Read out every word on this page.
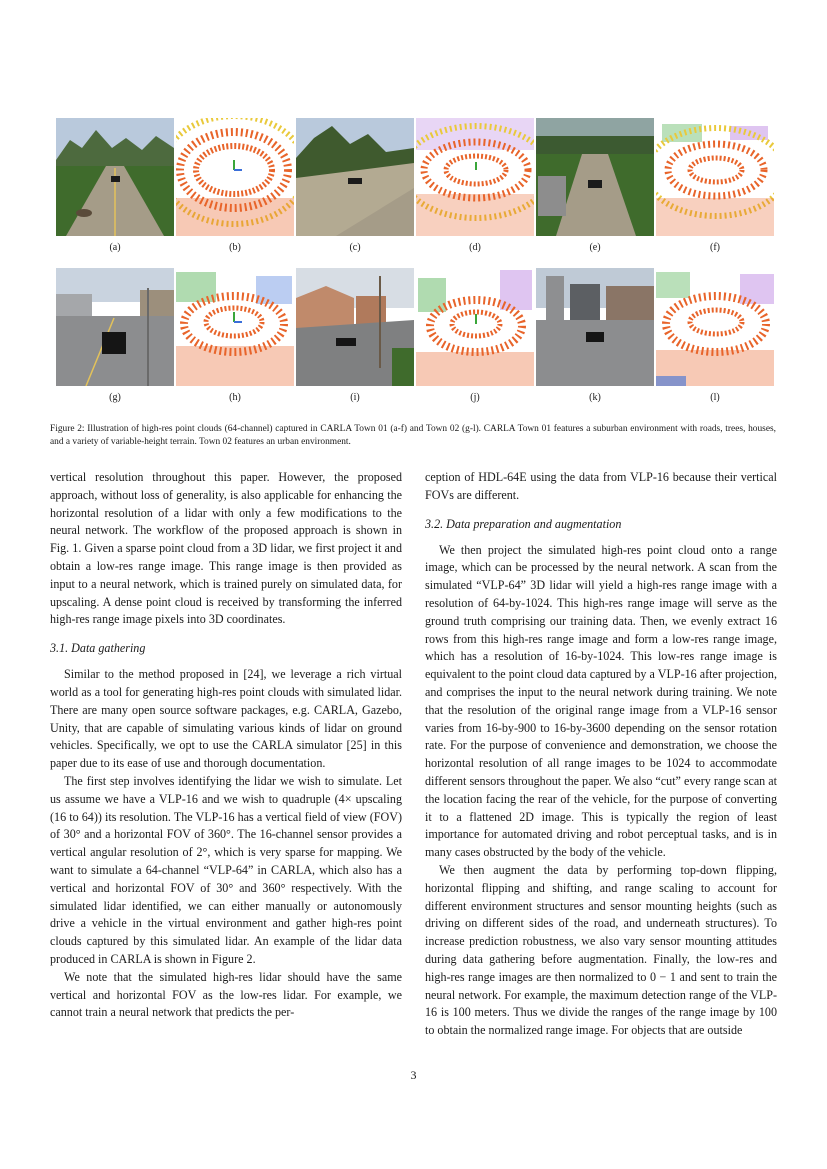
(a)	(b)	(c)	(d)	(e)	(f)
(g)	(h)	(i)	(j)	(k)	(l)
Figure 2: Illustration of high-res point clouds (64-channel) captured in CARLA Town 01 (a-f) and Town 02 (g-l). CARLA Town 01 features a suburban environment with roads, trees, houses, and a variety of variable-height terrain. Town 02 features an urban environment.

vertical resolution throughout this paper. However, the proposed approach, without loss of generality, is also applicable for enhancing the horizontal resolution of a lidar with only a few modifications to the neural network. The workflow of the proposed approach is shown in Fig. 1. Given a sparse point cloud from a 3D lidar, we first project it and obtain a low-res range image. This range image is then provided as input to a neural network, which is trained purely on simulated data, for upscaling. A dense point cloud is received by transforming the inferred high-res range image pixels into 3D coordinates.

3.1. Data gathering

Similar to the method proposed in [24], we leverage a rich virtual world as a tool for generating high-res point clouds with simulated lidar. There are many open source software packages, e.g. CARLA, Gazebo, Unity, that are capable of simulating various kinds of lidar on ground vehicles. Specifically, we opt to use the CARLA simulator [25] in this paper due to its ease of use and thorough documentation.

The first step involves identifying the lidar we wish to simulate. Let us assume we have a VLP-16 and we wish to quadruple (4× upscaling (16 to 64)) its resolution. The VLP-16 has a vertical field of view (FOV) of 30° and a horizontal FOV of 360°. The 16-channel sensor provides a vertical angular resolution of 2°, which is very sparse for mapping. We want to simulate a 64-channel “VLP-64” in CARLA, which also has a vertical and horizontal FOV of 30° and 360° respectively. With the simulated lidar identified, we can either manually or autonomously drive a vehicle in the virtual environment and gather high-res point clouds captured by this simulated lidar. An example of the lidar data produced in CARLA is shown in Figure 2.

We note that the simulated high-res lidar should have the same vertical and horizontal FOV as the low-res lidar. For example, we cannot train a neural network that predicts the per-

ception of HDL-64E using the data from VLP-16 because their vertical FOVs are different.

3.2. Data preparation and augmentation

We then project the simulated high-res point cloud onto a range image, which can be processed by the neural network. A scan from the simulated “VLP-64” 3D lidar will yield a high-res range image with a resolution of 64-by-1024. This high-res range image will serve as the ground truth comprising our training data. Then, we evenly extract 16 rows from this high-res range image and form a low-res range image, which has a resolution of 16-by-1024. This low-res range image is equivalent to the point cloud data captured by a VLP-16 after projection, and comprises the input to the neural network during training. We note that the resolution of the original range image from a VLP-16 sensor varies from 16-by-900 to 16-by-3600 depending on the sensor rotation rate. For the purpose of convenience and demonstration, we choose the horizontal resolution of all range images to be 1024 to accommodate different sensors throughout the paper. We also “cut” every range scan at the location facing the rear of the vehicle, for the purpose of converting it to a flattened 2D image. This is typically the region of least importance for automated driving and robot perceptual tasks, and is in many cases obstructed by the body of the vehicle.

We then augment the data by performing top-down flipping, horizontal flipping and shifting, and range scaling to account for different environment structures and sensor mounting heights (such as driving on different sides of the road, and underneath structures). To increase prediction robustness, we also vary sensor mounting attitudes during data gathering before augmentation. Finally, the low-res and high-res range images are then normalized to 0 − 1 and sent to train the neural network. For example, the maximum detection range of the VLP-16 is 100 meters. Thus we divide the ranges of the range image by 100 to obtain the normalized range image. For objects that are outside

3
